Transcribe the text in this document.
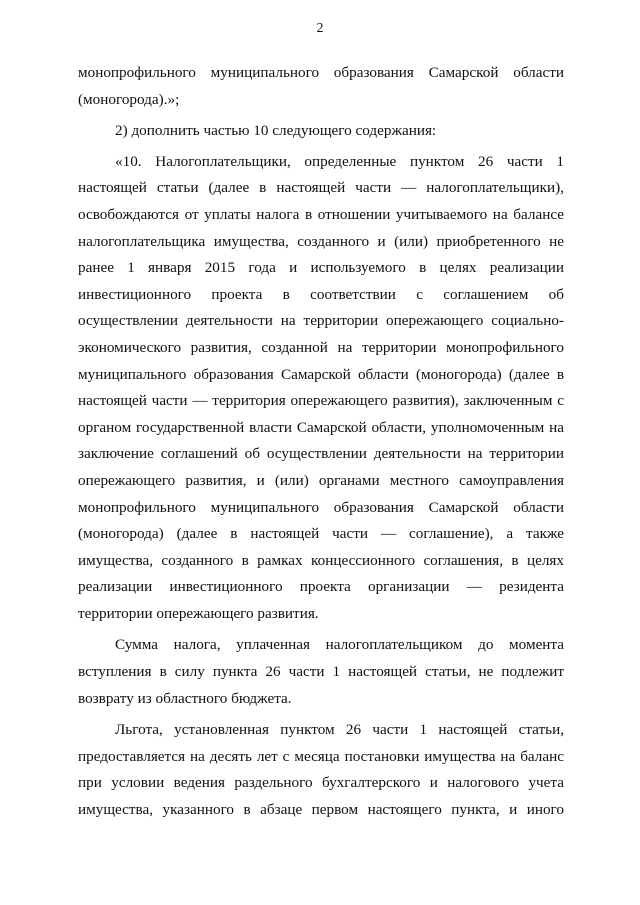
2

монопрофильного муниципального образования Самарской области (моногорода).»;

2) дополнить частью 10 следующего содержания:

«10. Налогоплательщики, определенные пунктом 26 части 1 настоящей статьи (далее в настоящей части — налогоплательщики), освобождаются от уплаты налога в отношении учитываемого на балансе налогоплательщика имущества, созданного и (или) приобретенного не ранее 1 января 2015 года и используемого в целях реализации инвестиционного проекта в соответствии с соглашением об осуществлении деятельности на территории опережающего социально-экономического развития, созданной на территории монопрофильного муниципального образования Самарской области (моногорода) (далее в настоящей части — территория опережающего развития), заключенным с органом государственной власти Самарской области, уполномоченным на заключение соглашений об осуществлении деятельности на территории опережающего развития, и (или) органами местного самоуправления монопрофильного муниципального образования Самарской области (моногорода) (далее в настоящей части — соглашение), а также имущества, созданного в рамках концессионного соглашения, в целях реализации инвестиционного проекта организации — резидента территории опережающего развития.

Сумма налога, уплаченная налогоплательщиком до момента вступления в силу пункта 26 части 1 настоящей статьи, не подлежит возврату из областного бюджета.

Льгота, установленная пунктом 26 части 1 настоящей статьи, предоставляется на десять лет с месяца постановки имущества на баланс при условии ведения раздельного бухгалтерского и налогового учета имущества, указанного в абзаце первом настоящего пункта, и иного
